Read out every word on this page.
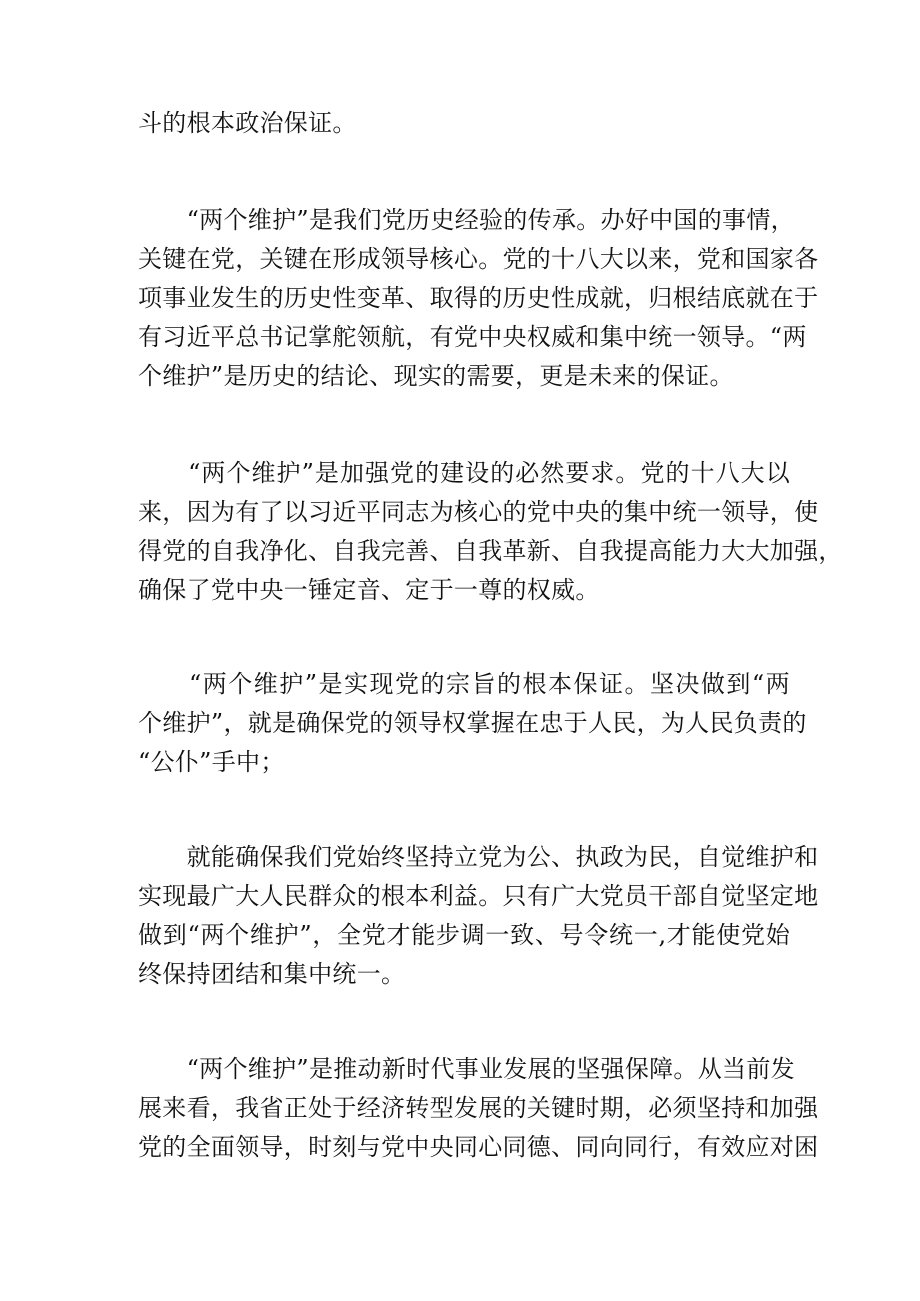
斗的根本政治保证。

　　“两个维护”是我们党历史经验的传承。办好中国的事情，
关键在党，关键在形成领导核心。党的十八大以来，党和国家各
项事业发生的历史性变革、取得的历史性成就，归根结底就在于
有习近平总书记掌舵领航，有党中央权威和集中统一领导。“两
个维护”是历史的结论、现实的需要，更是未来的保证。

　　“两个维护”是加强党的建设的必然要求。党的十八大以
来，因为有了以习近平同志为核心的党中央的集中统一领导，使
得党的自我净化、自我完善、自我革新、自我提高能力大大加强，
确保了党中央一锤定音、定于一尊的权威。

　　“两个维护”是实现党的宗旨的根本保证。坚决做到“两
个维护”，就是确保党的领导权掌握在忠于人民，为人民负责的
“公仆”手中；

　　就能确保我们党始终坚持立党为公、执政为民，自觉维护和
实现最广大人民群众的根本利益。只有广大党员干部自觉坚定地
做到“两个维护”，全党才能步调一致、号令统一,才能使党始
终保持团结和集中统一。

　　“两个维护”是推动新时代事业发展的坚强保障。从当前发
展来看，我省正处于经济转型发展的关键时期，必须坚持和加强
党的全面领导，时刻与党中央同心同德、同向同行，有效应对困
